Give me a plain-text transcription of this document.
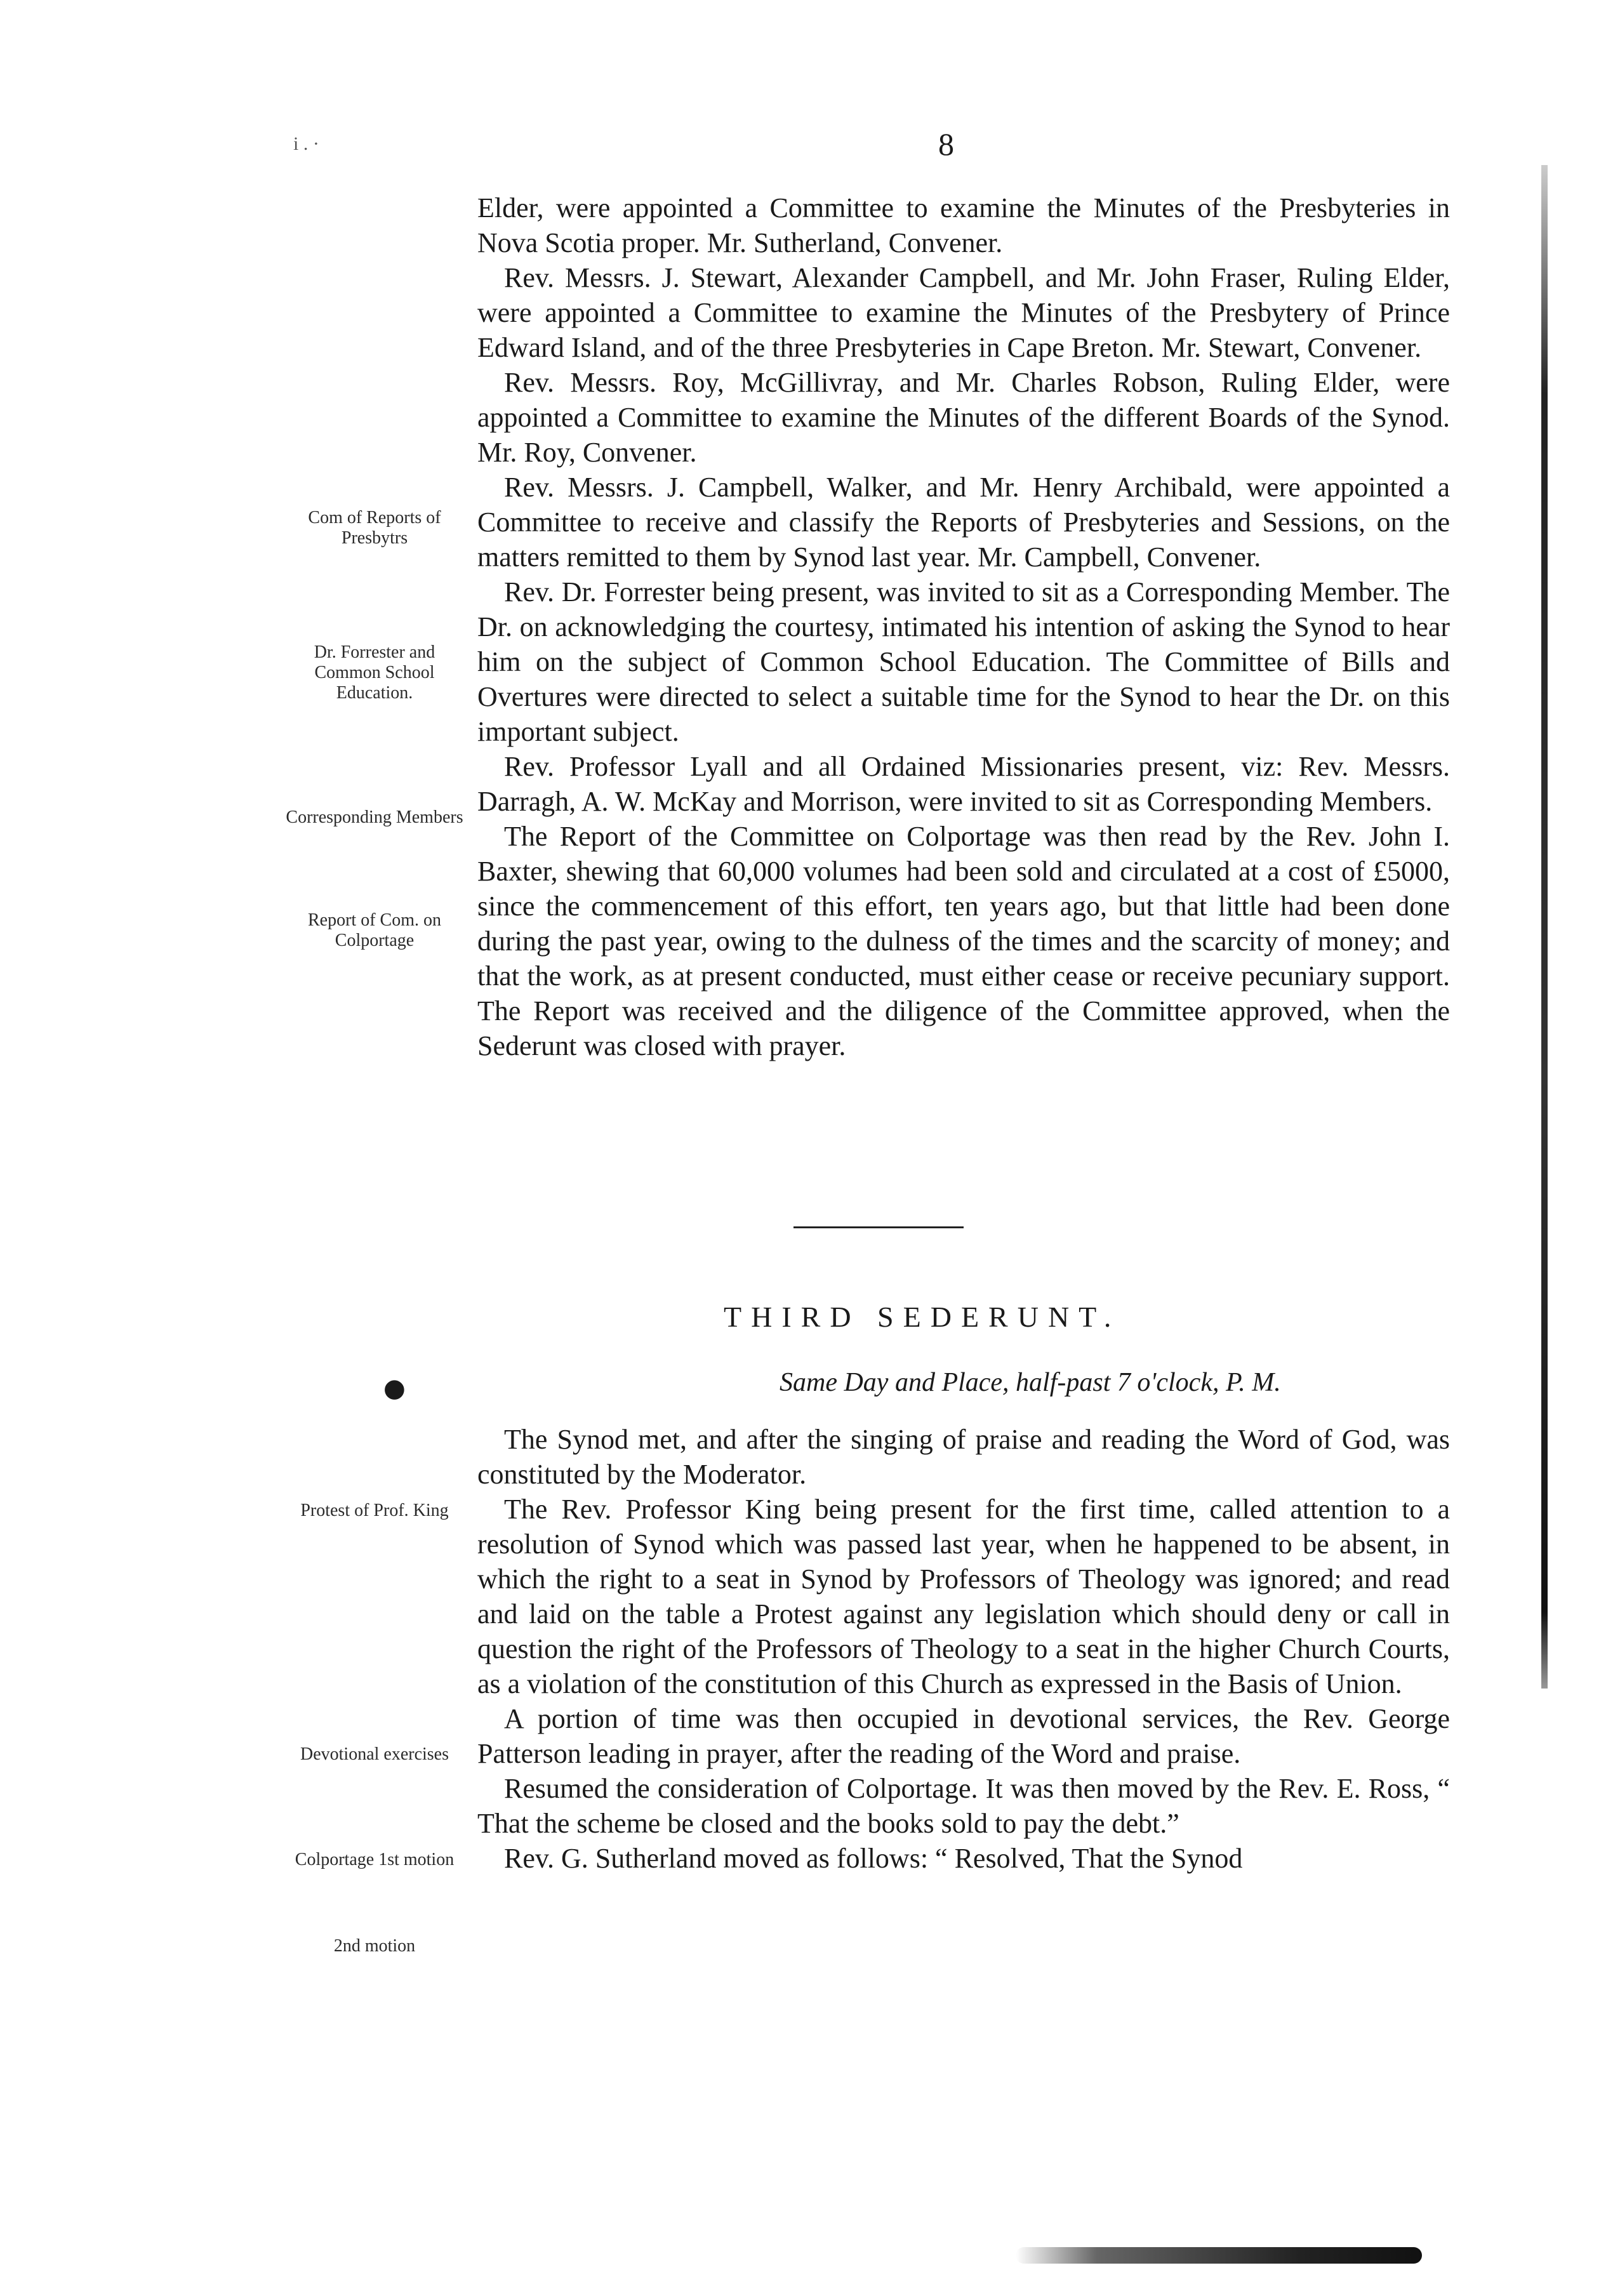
i . ·	8

Elder, were appointed a Committee to examine the Minutes of the Presbyteries in Nova Scotia proper. Mr. Sutherland, Convener.

Rev. Messrs. J. Stewart, Alexander Campbell, and Mr. John Fraser, Ruling Elder, were appointed a Committee to examine the Minutes of the Presbytery of Prince Edward Island, and of the three Presbyteries in Cape Breton. Mr. Stewart, Convener.

Rev. Messrs. Roy, McGillivray, and Mr. Charles Robson, Ruling Elder, were appointed a Committee to examine the Minutes of the different Boards of the Synod. Mr. Roy, Convener.

Rev. Messrs. J. Campbell, Walker, and Mr. Henry Archibald, were appointed a Committee to receive and classify the Reports of Presbyteries and Sessions, on the matters remitted to them by Synod last year. Mr. Campbell, Convener.

Rev. Dr. Forrester being present, was invited to sit as a Corresponding Member. The Dr. on acknowledging the courtesy, intimated his intention of asking the Synod to hear him on the subject of Common School Education. The Committee of Bills and Overtures were directed to select a suitable time for the Synod to hear the Dr. on this important subject.

Rev. Professor Lyall and all Ordained Missionaries present, viz: Rev. Messrs. Darragh, A. W. McKay and Morrison, were invited to sit as Corresponding Members.

The Report of the Committee on Colportage was then read by the Rev. John I. Baxter, shewing that 60,000 volumes had been sold and circulated at a cost of £5000, since the commencement of this effort, ten years ago, but that little had been done during the past year, owing to the dulness of the times and the scarcity of money; and that the work, as at present conducted, must either cease or receive pecuniary support. The Report was received and the diligence of the Committee approved, when the Sederunt was closed with prayer.

Com of Reports of Presbytrs
Dr. Forrester and Common School Education.
Corresponding Members
Report of Com. on Colportage
THIRD SEDERUNT.
●	Same Day and Place, half-past 7 o'clock, P. M.

The Synod met, and after the singing of praise and reading the Word of God, was constituted by the Moderator.

The Rev. Professor King being present for the first time, called attention to a resolution of Synod which was passed last year, when he happened to be absent, in which the right to a seat in Synod by Professors of Theology was ignored; and read and laid on the table a Protest against any legislation which should deny or call in question the right of the Professors of Theology to a seat in the higher Church Courts, as a violation of the constitution of this Church as expressed in the Basis of Union.

A portion of time was then occupied in devotional services, the Rev. George Patterson leading in prayer, after the reading of the Word and praise.

Resumed the consideration of Colportage. It was then moved by the Rev. E. Ross, “ That the scheme be closed and the books sold to pay the debt.”

Rev. G. Sutherland moved as follows: “ Resolved, That the Synod

Protest of Prof. King
Devotional exercises
Colportage 1st motion
2nd motion
